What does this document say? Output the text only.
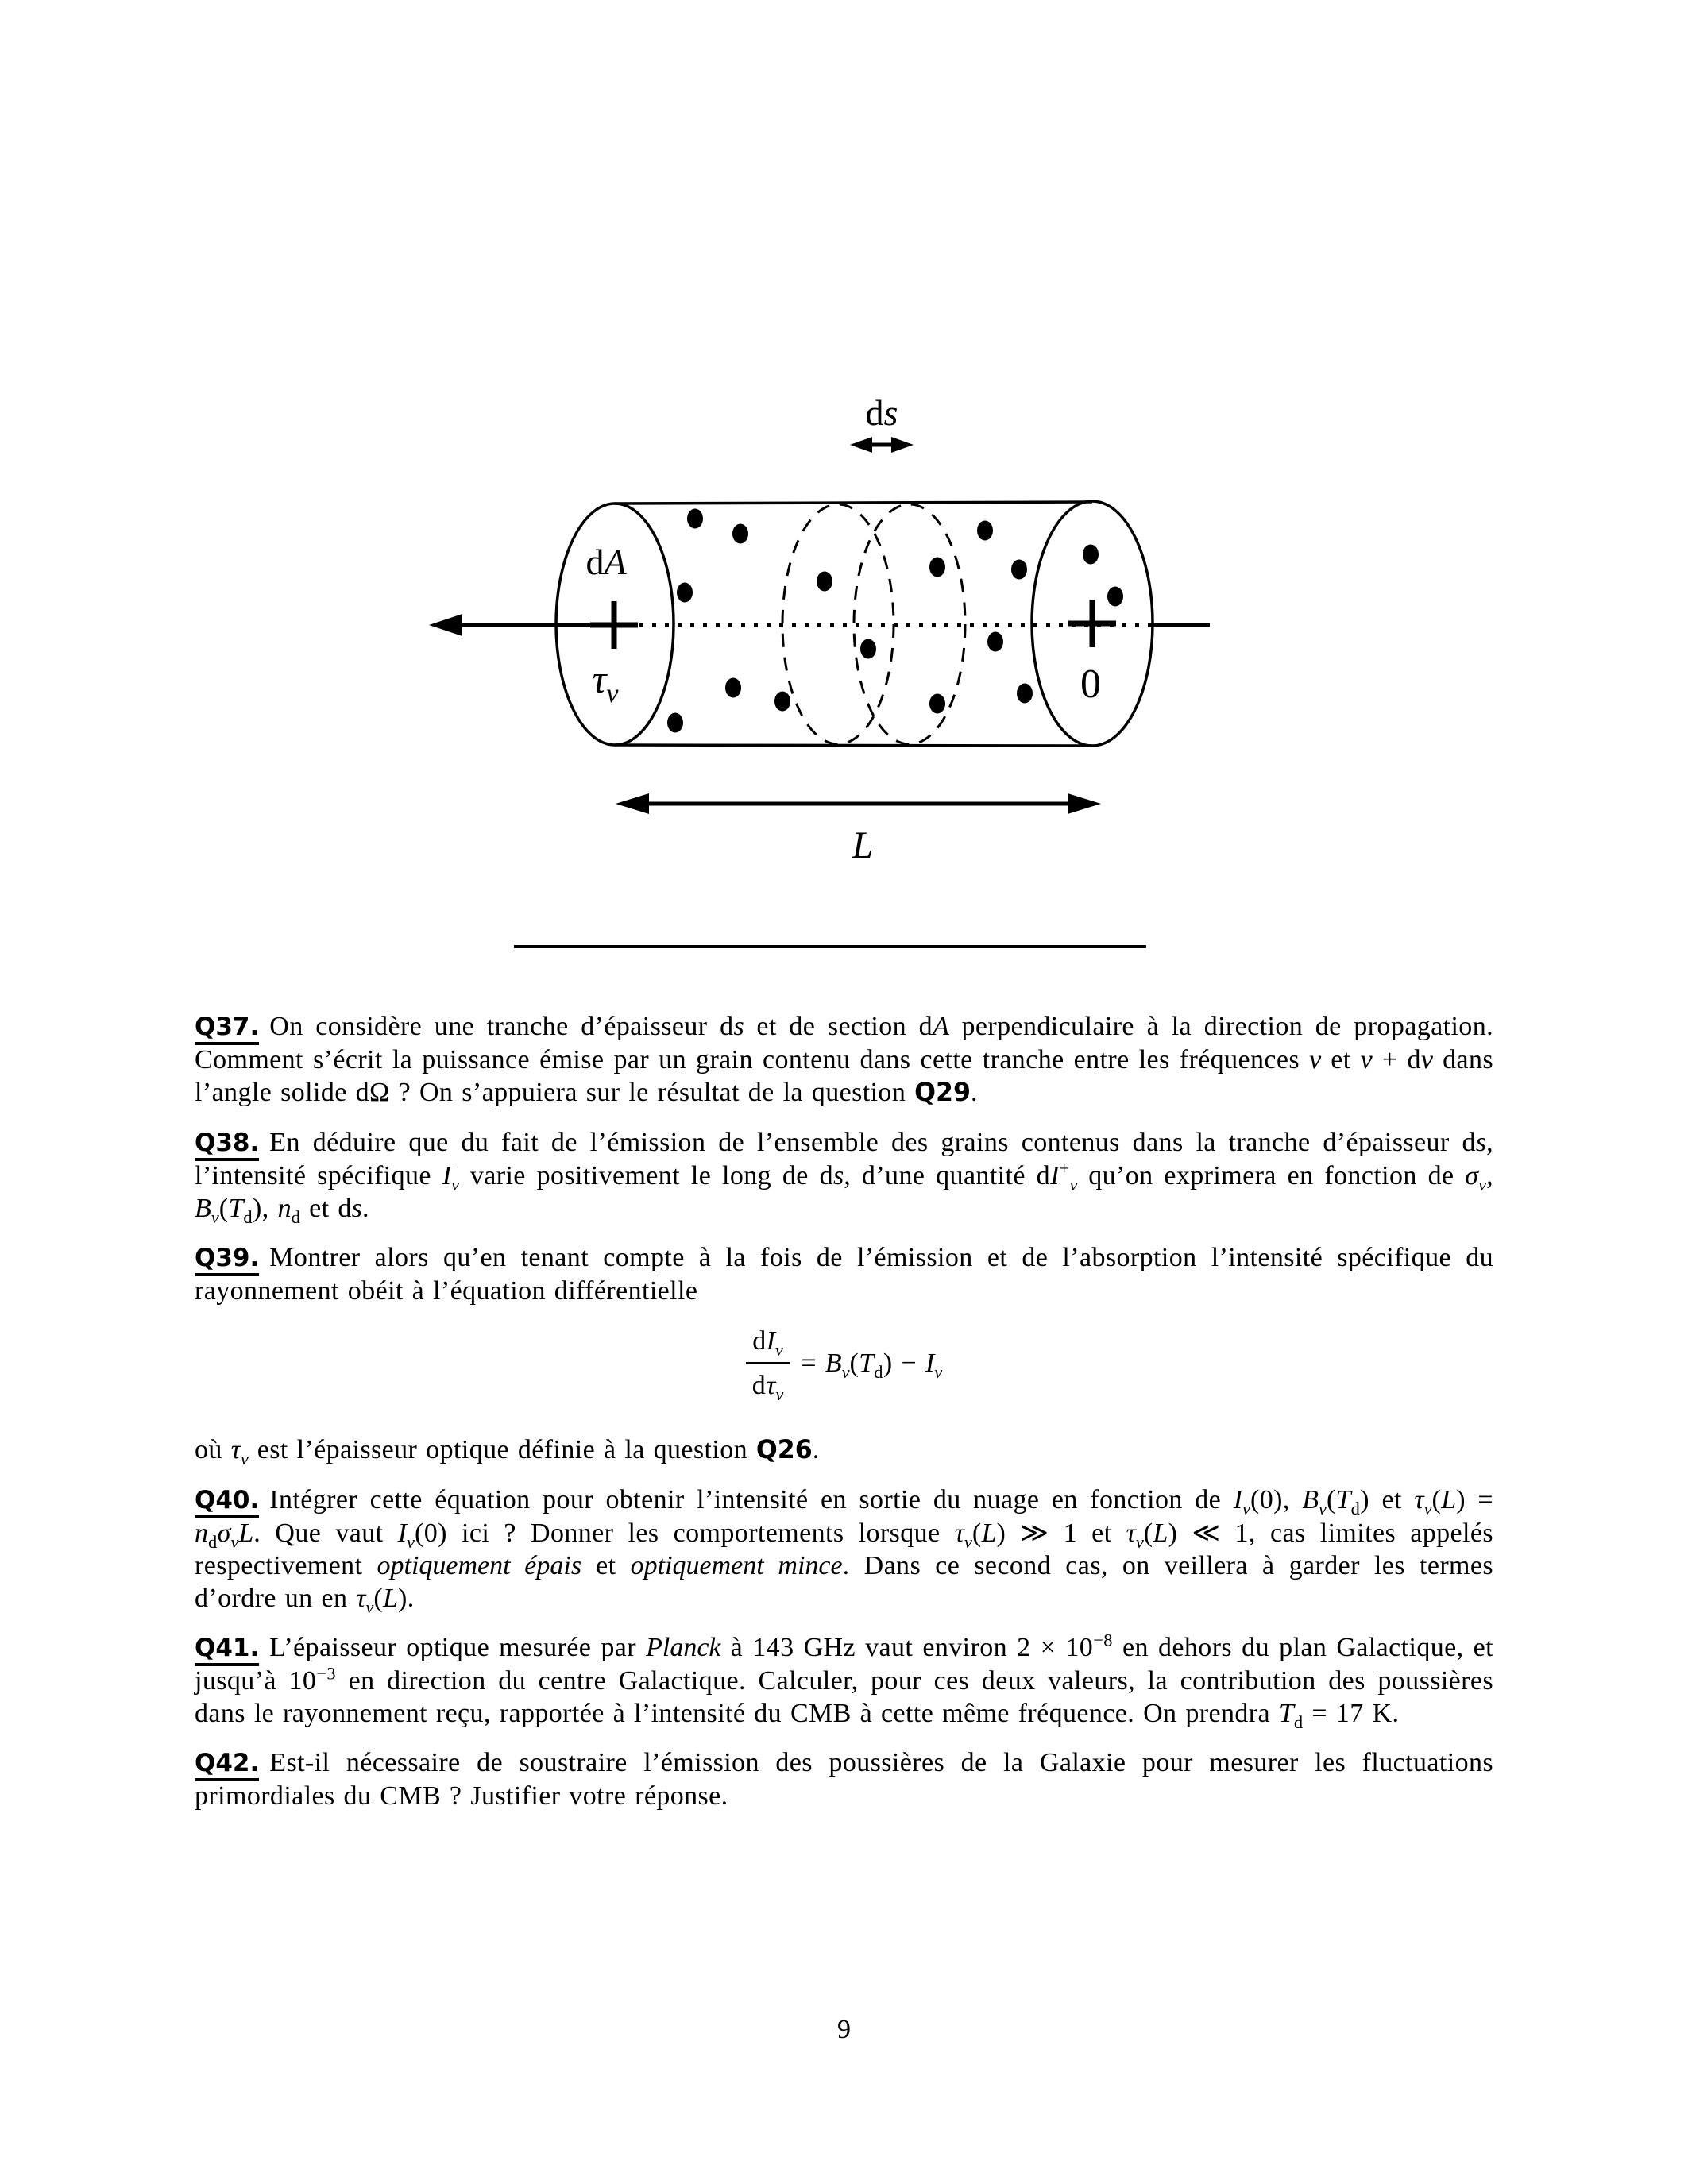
ds
dA
$\tau_\nu$	0
L

Q37. On considère une tranche d’épaisseur ds et de section dA perpendiculaire à la direction de propagation. Comment s’écrit la puissance émise par un grain contenu dans cette tranche entre les fréquences ν et ν + dν dans l’angle solide dΩ ? On s’appuiera sur le résultat de la question Q29.

Q38. En déduire que du fait de l’émission de l’ensemble des grains contenus dans la tranche d’épaisseur ds, l’intensité spécifique $I_\nu$ varie positivement le long de ds, d’une quantité $dI^+_\nu$ qu’on exprimera en fonction de $\sigma_\nu$, $B_\nu(T_d)$, $n_d$ et ds.

Q39. Montrer alors qu’en tenant compte à la fois de l’émission et de l’absorption l’intensité spécifique du rayonnement obéit à l’équation différentielle

$\frac{dI_\nu}{d\tau_\nu} = B_\nu(T_d) - I_\nu$

où $\tau_\nu$ est l’épaisseur optique définie à la question Q26.

Q40. Intégrer cette équation pour obtenir l’intensité en sortie du nuage en fonction de $I_\nu(0)$, $B_\nu(T_d)$ et $\tau_\nu(L) = n_d\sigma_\nu L$. Que vaut $I_\nu(0)$ ici ? Donner les comportements lorsque $\tau_\nu(L)$ ≫ 1 et $\tau_\nu(L)$ ≪ 1, cas limites appelés respectivement optiquement épais et optiquement mince. Dans ce second cas, on veillera à garder les termes d’ordre un en $\tau_\nu(L)$.

Q41. L’épaisseur optique mesurée par Planck à 143 GHz vaut environ $2 \times 10^{-8}$ en dehors du plan Galactique, et jusqu’à $10^{-3}$ en direction du centre Galactique. Calculer, pour ces deux valeurs, la contribution des poussières dans le rayonnement reçu, rapportée à l’intensité du CMB à cette même fréquence. On prendra $T_d = 17$ K.

Q42. Est-il nécessaire de soustraire l’émission des poussières de la Galaxie pour mesurer les fluctuations primordiales du CMB ? Justifier votre réponse.

9
